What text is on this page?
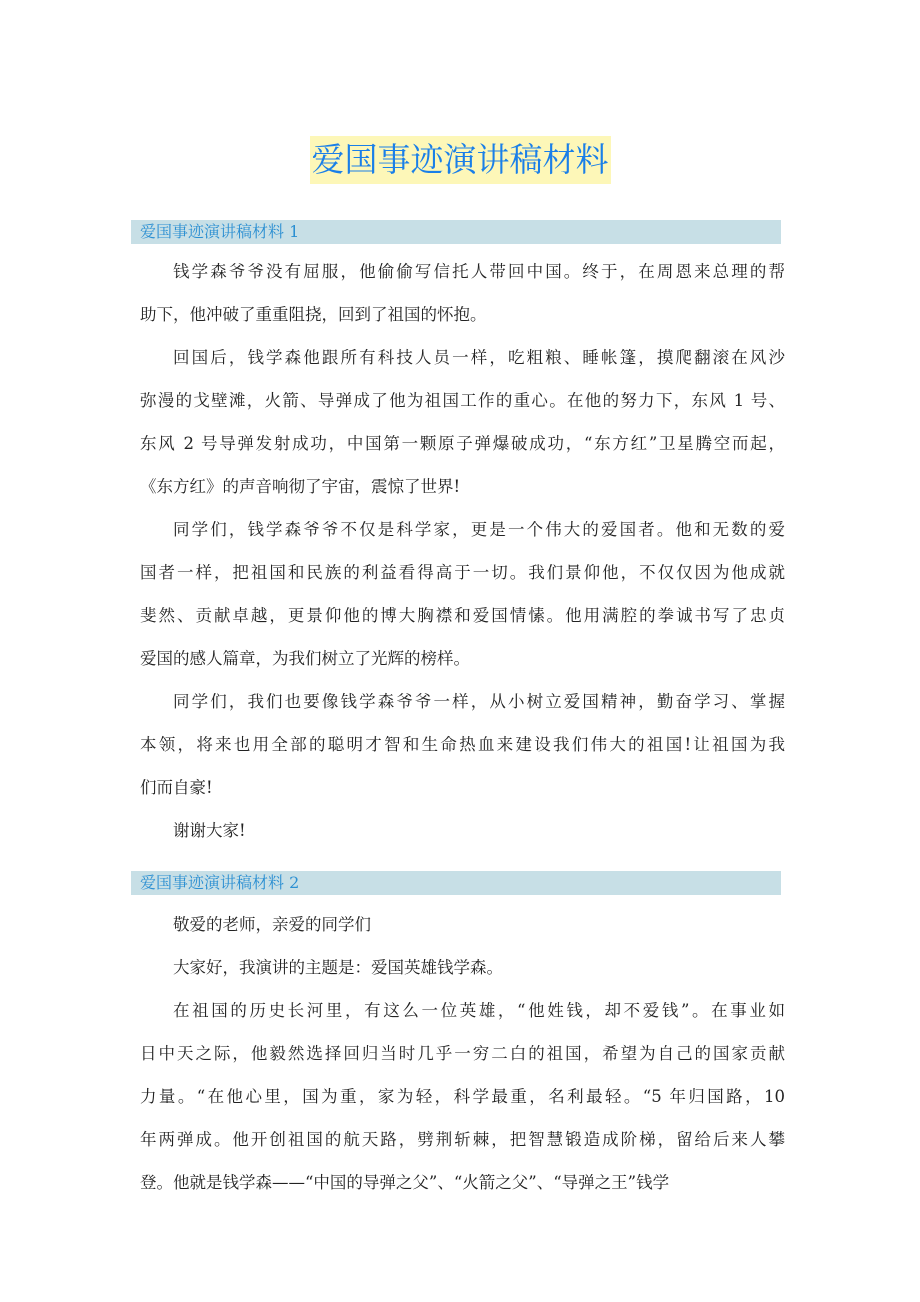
爱国事迹演讲稿材料
爱国事迹演讲稿材料 1
钱学森爷爷没有屈服，他偷偷写信托人带回中国。终于，在周恩来总理的帮
助下，他冲破了重重阻挠，回到了祖国的怀抱。
回国后，钱学森他跟所有科技人员一样，吃粗粮、睡帐篷，摸爬翻滚在风沙
弥漫的戈壁滩，火箭、导弹成了他为祖国工作的重心。在他的努力下，东风 1 号、
东风 2 号导弹发射成功，中国第一颗原子弹爆破成功，“东方红”卫星腾空而起，
《东方红》的声音响彻了宇宙，震惊了世界!
同学们，钱学森爷爷不仅是科学家，更是一个伟大的爱国者。他和无数的爱
国者一样，把祖国和民族的利益看得高于一切。我们景仰他，不仅仅因为他成就
斐然、贡献卓越，更景仰他的博大胸襟和爱国情愫。他用满腔的拳诚书写了忠贞
爱国的感人篇章，为我们树立了光辉的榜样。
同学们，我们也要像钱学森爷爷一样，从小树立爱国精神，勤奋学习、掌握
本领，将来也用全部的聪明才智和生命热血来建设我们伟大的祖国!让祖国为我
们而自豪!
谢谢大家!
爱国事迹演讲稿材料 2
敬爱的老师，亲爱的同学们
大家好，我演讲的主题是：爱国英雄钱学森。
在祖国的历史长河里，有这么一位英雄，“他姓钱，却不爱钱”。在事业如
日中天之际，他毅然选择回归当时几乎一穷二白的祖国，希望为自己的国家贡献
力量。“在他心里，国为重，家为轻，科学最重，名利最轻。“5 年归国路，10
年两弹成。他开创祖国的航天路，劈荆斩棘，把智慧锻造成阶梯，留给后来人攀
登。他就是钱学森——“中国的导弹之父”、“火箭之父”、“导弹之王”钱学
